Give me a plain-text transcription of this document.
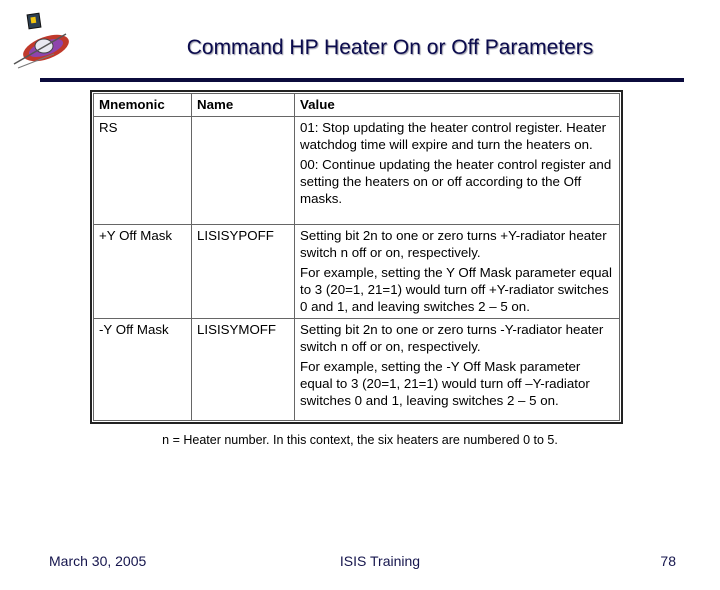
Command HP Heater On or Off Parameters
Mnemonic	Name	Value
RS		01: Stop updating the heater control register. Heater watchdog time will expire and turn the heaters on.
00: Continue updating the heater control register and setting the heaters on or off according to the Off masks.

+Y Off Mask	LISISYPOFF	Setting bit 2n to one or zero turns +Y-radiator heater switch n off or on, respectively.
For example, setting the Y Off Mask parameter equal to 3 (20=1, 21=1) would turn off +Y-radiator switches 0 and 1, and leaving switches 2 – 5 on.

-Y Off Mask	LISISYMOFF	Setting bit 2n to one or zero turns -Y-radiator heater switch n off or on, respectively.
For example, setting the -Y Off Mask parameter equal to 3 (20=1, 21=1) would turn off –Y-radiator switches 0 and 1, leaving switches 2 – 5 on.
n = Heater number. In this context, the six heaters are numbered 0 to 5.
March 30, 2005	ISIS Training	78
